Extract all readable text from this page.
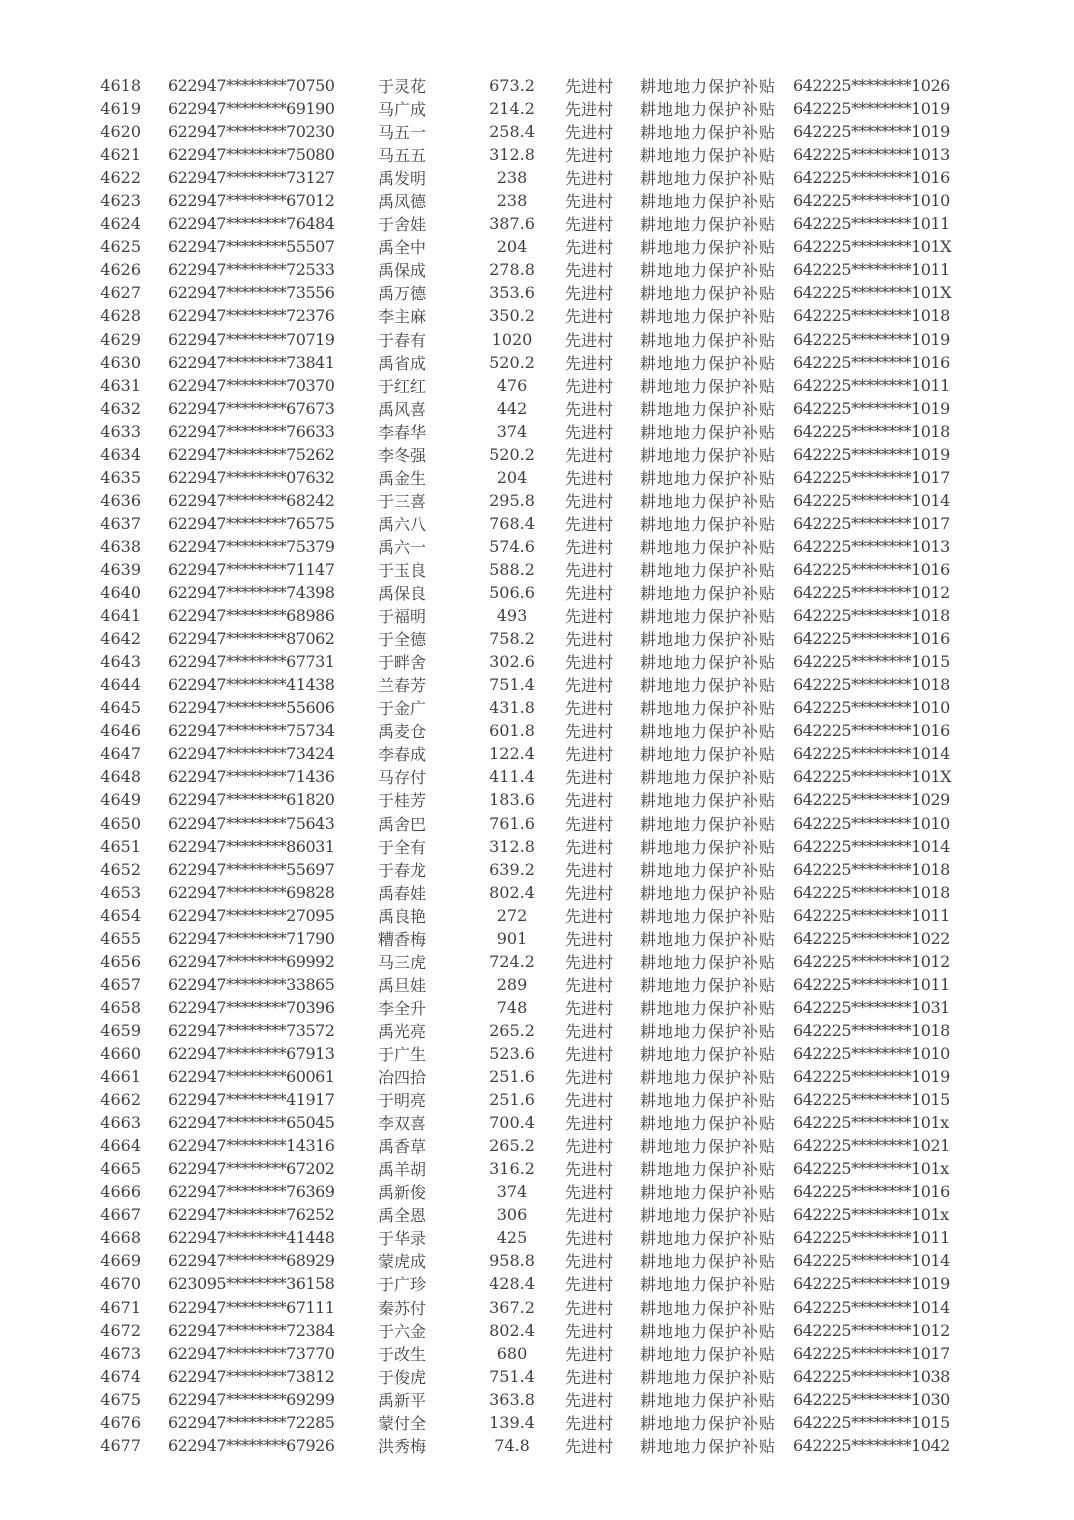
4618	622947********70750	于灵花	673.2	先进村	耕地地力保护补贴	642225********1026
4619	622947********69190	马广成	214.2	先进村	耕地地力保护补贴	642225********1019
4620	622947********70230	马五一	258.4	先进村	耕地地力保护补贴	642225********1019
4621	622947********75080	马五五	312.8	先进村	耕地地力保护补贴	642225********1013
4622	622947********73127	禹发明	238	先进村	耕地地力保护补贴	642225********1016
4623	622947********67012	禹凤德	238	先进村	耕地地力保护补贴	642225********1010
4624	622947********76484	于舍娃	387.6	先进村	耕地地力保护补贴	642225********1011
4625	622947********55507	禹全中	204	先进村	耕地地力保护补贴	642225********101X
4626	622947********72533	禹保成	278.8	先进村	耕地地力保护补贴	642225********1011
4627	622947********73556	禹万德	353.6	先进村	耕地地力保护补贴	642225********101X
4628	622947********72376	李主麻	350.2	先进村	耕地地力保护补贴	642225********1018
4629	622947********70719	于春有	1020	先进村	耕地地力保护补贴	642225********1019
4630	622947********73841	禹省成	520.2	先进村	耕地地力保护补贴	642225********1016
4631	622947********70370	于红红	476	先进村	耕地地力保护补贴	642225********1011
4632	622947********67673	禹风喜	442	先进村	耕地地力保护补贴	642225********1019
4633	622947********76633	李春华	374	先进村	耕地地力保护补贴	642225********1018
4634	622947********75262	李冬强	520.2	先进村	耕地地力保护补贴	642225********1019
4635	622947********07632	禹金生	204	先进村	耕地地力保护补贴	642225********1017
4636	622947********68242	于三喜	295.8	先进村	耕地地力保护补贴	642225********1014
4637	622947********76575	禹六八	768.4	先进村	耕地地力保护补贴	642225********1017
4638	622947********75379	禹六一	574.6	先进村	耕地地力保护补贴	642225********1013
4639	622947********71147	于玉良	588.2	先进村	耕地地力保护补贴	642225********1016
4640	622947********74398	禹保良	506.6	先进村	耕地地力保护补贴	642225********1012
4641	622947********68986	于福明	493	先进村	耕地地力保护补贴	642225********1018
4642	622947********87062	于全德	758.2	先进村	耕地地力保护补贴	642225********1016
4643	622947********67731	于畔舍	302.6	先进村	耕地地力保护补贴	642225********1015
4644	622947********41438	兰春芳	751.4	先进村	耕地地力保护补贴	642225********1018
4645	622947********55606	于金广	431.8	先进村	耕地地力保护补贴	642225********1010
4646	622947********75734	禹麦仓	601.8	先进村	耕地地力保护补贴	642225********1016
4647	622947********73424	李春成	122.4	先进村	耕地地力保护补贴	642225********1014
4648	622947********71436	马存付	411.4	先进村	耕地地力保护补贴	642225********101X
4649	622947********61820	于桂芳	183.6	先进村	耕地地力保护补贴	642225********1029
4650	622947********75643	禹舍巴	761.6	先进村	耕地地力保护补贴	642225********1010
4651	622947********86031	于全有	312.8	先进村	耕地地力保护补贴	642225********1014
4652	622947********55697	于春龙	639.2	先进村	耕地地力保护补贴	642225********1018
4653	622947********69828	禹春娃	802.4	先进村	耕地地力保护补贴	642225********1018
4654	622947********27095	禹良艳	272	先进村	耕地地力保护补贴	642225********1011
4655	622947********71790	糟香梅	901	先进村	耕地地力保护补贴	642225********1022
4656	622947********69992	马三虎	724.2	先进村	耕地地力保护补贴	642225********1012
4657	622947********33865	禹旦娃	289	先进村	耕地地力保护补贴	642225********1011
4658	622947********70396	李全升	748	先进村	耕地地力保护补贴	642225********1031
4659	622947********73572	禹光亮	265.2	先进村	耕地地力保护补贴	642225********1018
4660	622947********67913	于广生	523.6	先进村	耕地地力保护补贴	642225********1010
4661	622947********60061	冶四拾	251.6	先进村	耕地地力保护补贴	642225********1019
4662	622947********41917	于明亮	251.6	先进村	耕地地力保护补贴	642225********1015
4663	622947********65045	李双喜	700.4	先进村	耕地地力保护补贴	642225********101x
4664	622947********14316	禹香草	265.2	先进村	耕地地力保护补贴	642225********1021
4665	622947********67202	禹羊胡	316.2	先进村	耕地地力保护补贴	642225********101x
4666	622947********76369	禹新俊	374	先进村	耕地地力保护补贴	642225********1016
4667	622947********76252	禹全恩	306	先进村	耕地地力保护补贴	642225********101x
4668	622947********41448	于华录	425	先进村	耕地地力保护补贴	642225********1011
4669	622947********68929	蒙虎成	958.8	先进村	耕地地力保护补贴	642225********1014
4670	623095********36158	于广珍	428.4	先进村	耕地地力保护补贴	642225********1019
4671	622947********67111	秦苏付	367.2	先进村	耕地地力保护补贴	642225********1014
4672	622947********72384	于六金	802.4	先进村	耕地地力保护补贴	642225********1012
4673	622947********73770	于改生	680	先进村	耕地地力保护补贴	642225********1017
4674	622947********73812	于俊虎	751.4	先进村	耕地地力保护补贴	642225********1038
4675	622947********69299	禹新平	363.8	先进村	耕地地力保护补贴	642225********1030
4676	622947********72285	蒙付全	139.4	先进村	耕地地力保护补贴	642225********1015
4677	622947********67926	洪秀梅	74.8	先进村	耕地地力保护补贴	642225********1042
